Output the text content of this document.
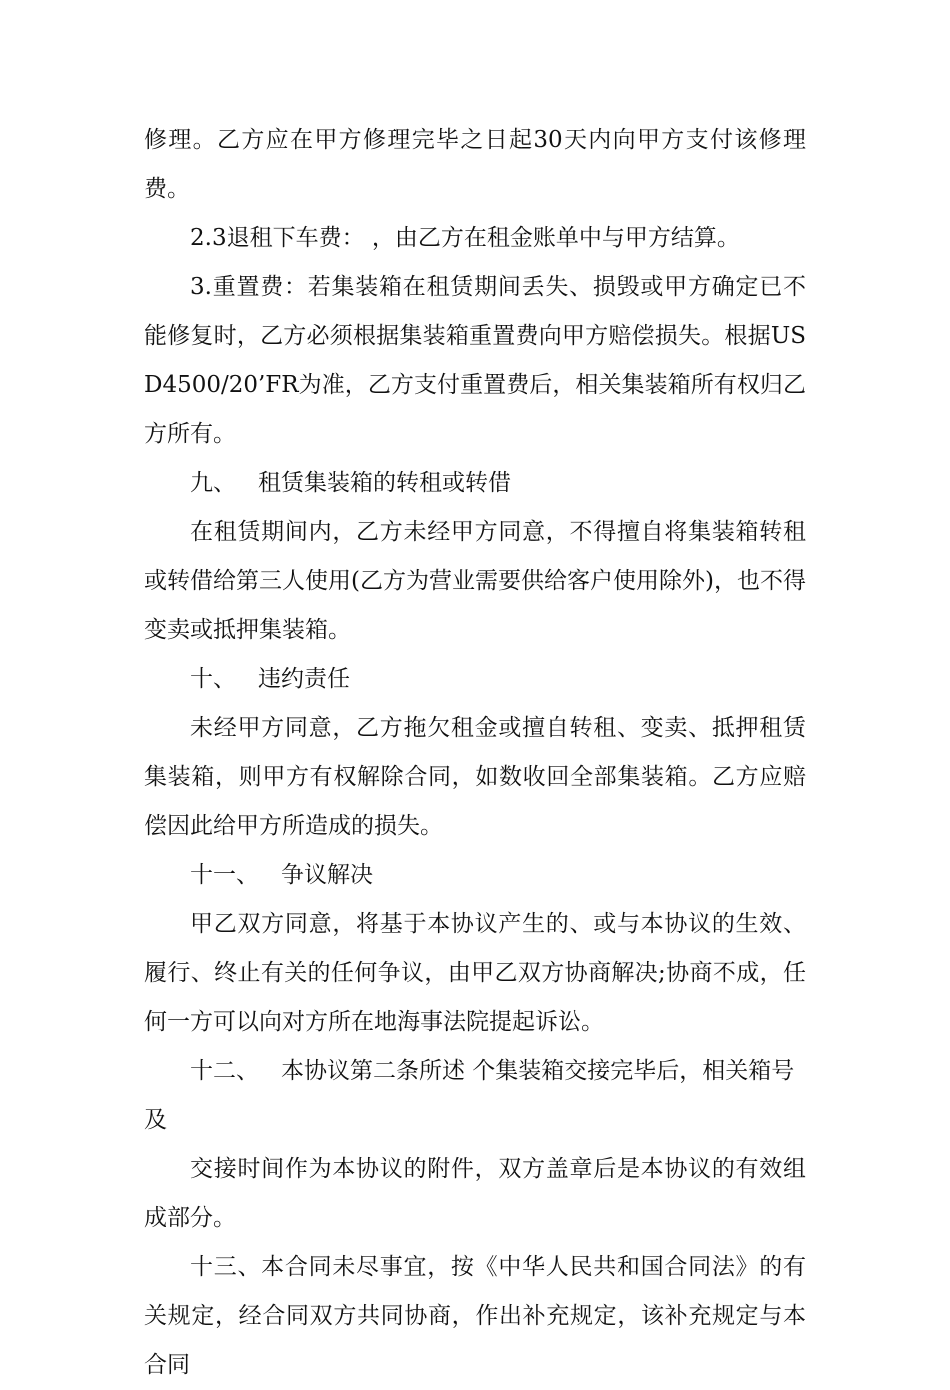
修理。乙方应在甲方修理完毕之日起30天内向甲方支付该修理费。

2.3退租下车费： ，由乙方在租金账单中与甲方结算。

3.重置费：若集装箱在租赁期间丢失、损毁或甲方确定已不能修复时，乙方必须根据集装箱重置费向甲方赔偿损失。根据USD4500/20’FR为准，乙方支付重置费后，相关集装箱所有权归乙方所有。

九、 租赁集装箱的转租或转借

在租赁期间内，乙方未经甲方同意，不得擅自将集装箱转租或转借给第三人使用(乙方为营业需要供给客户使用除外)，也不得变卖或抵押集装箱。

十、 违约责任

未经甲方同意，乙方拖欠租金或擅自转租、变卖、抵押租赁集装箱，则甲方有权解除合同，如数收回全部集装箱。乙方应赔偿因此给甲方所造成的损失。

十一、 争议解决

甲乙双方同意，将基于本协议产生的、或与本协议的生效、履行、终止有关的任何争议，由甲乙双方协商解决;协商不成，任何一方可以向对方所在地海事法院提起诉讼。

十二、 本协议第二条所述 个集装箱交接完毕后，相关箱号及

交接时间作为本协议的附件，双方盖章后是本协议的有效组成部分。

十三、本合同未尽事宜，按《中华人民共和国合同法》的有关规定，经合同双方共同协商，作出补充规定，该补充规定与本合同
